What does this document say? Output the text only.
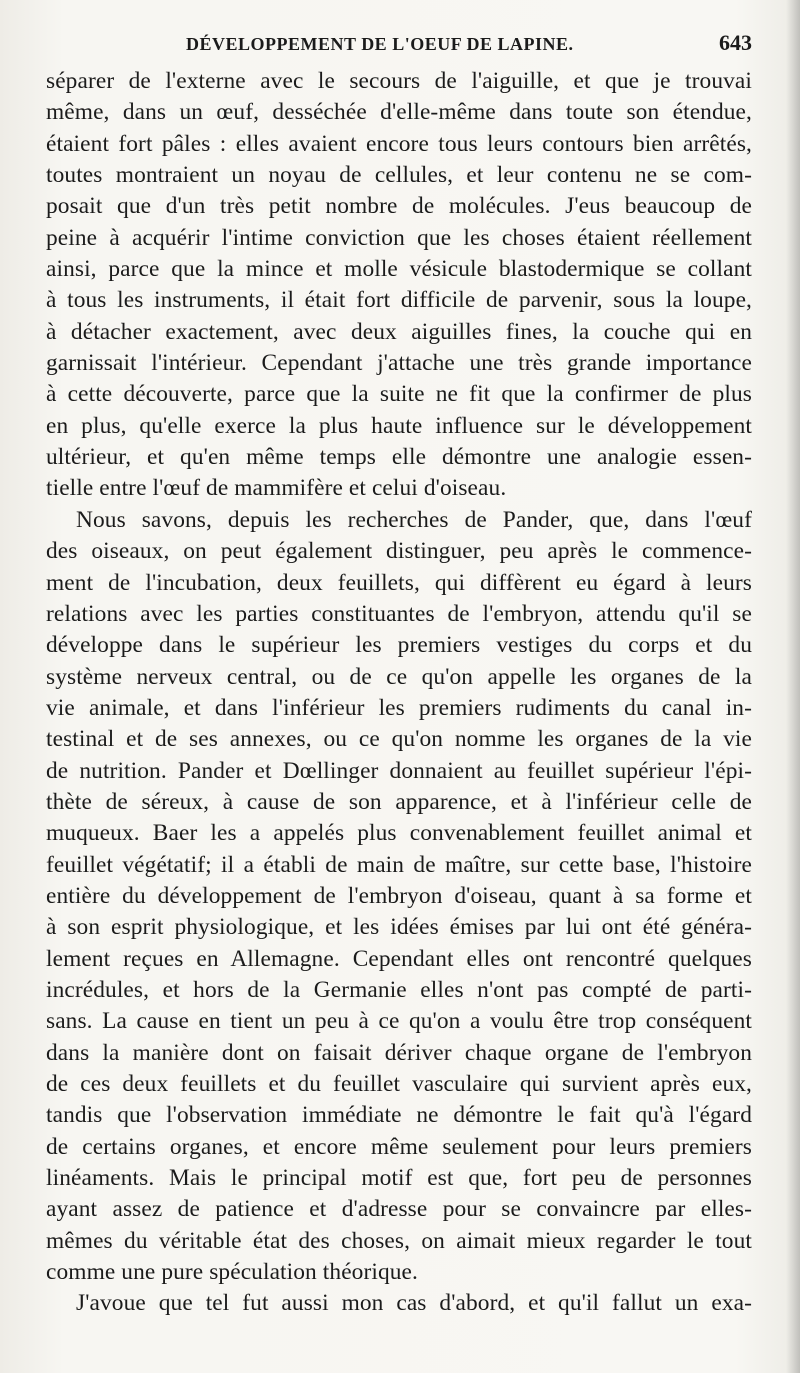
DÉVELOPPEMENT DE L'OEUF DE LAPINE.	643
séparer de l'externe avec le secours de l'aiguille, et que je trouvai
même, dans un œuf, desséchée d'elle-même dans toute son étendue,
étaient fort pâles : elles avaient encore tous leurs contours bien arrêtés,
toutes montraient un noyau de cellules, et leur contenu ne se com-
posait que d'un très petit nombre de molécules. J'eus beaucoup de
peine à acquérir l'intime conviction que les choses étaient réellement
ainsi, parce que la mince et molle vésicule blastodermique se collant
à tous les instruments, il était fort difficile de parvenir, sous la loupe,
à détacher exactement, avec deux aiguilles fines, la couche qui en
garnissait l'intérieur. Cependant j'attache une très grande importance
à cette découverte, parce que la suite ne fit que la confirmer de plus
en plus, qu'elle exerce la plus haute influence sur le développement
ultérieur, et qu'en même temps elle démontre une analogie essen-
tielle entre l'œuf de mammifère et celui d'oiseau.
Nous savons, depuis les recherches de Pander, que, dans l'œuf
des oiseaux, on peut également distinguer, peu après le commence-
ment de l'incubation, deux feuillets, qui diffèrent eu égard à leurs
relations avec les parties constituantes de l'embryon, attendu qu'il se
développe dans le supérieur les premiers vestiges du corps et du
système nerveux central, ou de ce qu'on appelle les organes de la
vie animale, et dans l'inférieur les premiers rudiments du canal in-
testinal et de ses annexes, ou ce qu'on nomme les organes de la vie
de nutrition. Pander et Dœllinger donnaient au feuillet supérieur l'épi-
thète de séreux, à cause de son apparence, et à l'inférieur celle de
muqueux. Baer les a appelés plus convenablement feuillet animal et
feuillet végétatif; il a établi de main de maître, sur cette base, l'histoire
entière du développement de l'embryon d'oiseau, quant à sa forme et
à son esprit physiologique, et les idées émises par lui ont été généra-
lement reçues en Allemagne. Cependant elles ont rencontré quelques
incrédules, et hors de la Germanie elles n'ont pas compté de parti-
sans. La cause en tient un peu à ce qu'on a voulu être trop conséquent
dans la manière dont on faisait dériver chaque organe de l'embryon
de ces deux feuillets et du feuillet vasculaire qui survient après eux,
tandis que l'observation immédiate ne démontre le fait qu'à l'égard
de certains organes, et encore même seulement pour leurs premiers
linéaments. Mais le principal motif est que, fort peu de personnes
ayant assez de patience et d'adresse pour se convaincre par elles-
mêmes du véritable état des choses, on aimait mieux regarder le tout
comme une pure spéculation théorique.
J'avoue que tel fut aussi mon cas d'abord, et qu'il fallut un exa-
